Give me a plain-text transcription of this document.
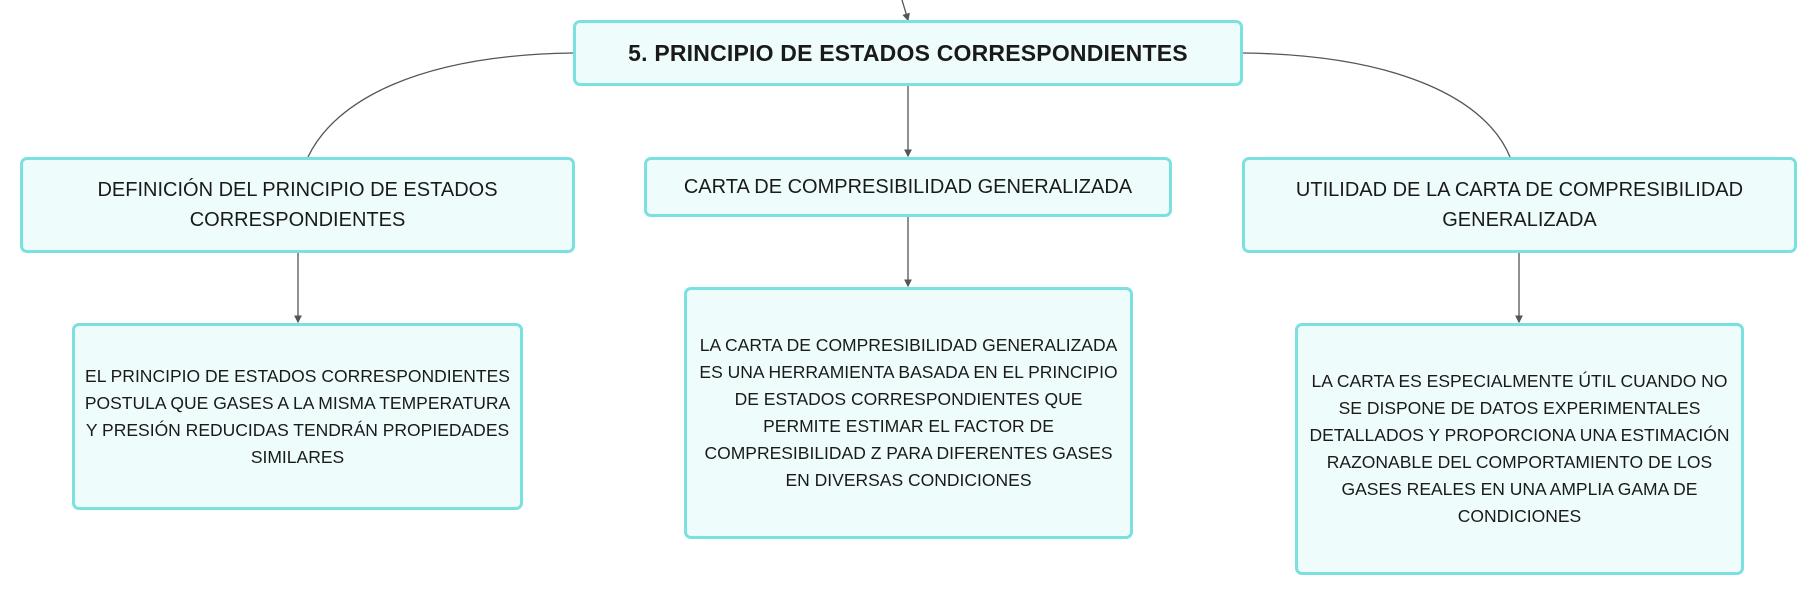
5. PRINCIPIO DE ESTADOS CORRESPONDIENTES
DEFINICIÓN DEL PRINCIPIO DE ESTADOS CORRESPONDIENTES
CARTA DE COMPRESIBILIDAD GENERALIZADA	UTILIDAD DE LA CARTA DE COMPRESIBILIDAD GENERALIZADA
EL PRINCIPIO DE ESTADOS CORRESPONDIENTES POSTULA QUE GASES A LA MISMA TEMPERATURA Y PRESIÓN REDUCIDAS TENDRÁN PROPIEDADES SIMILARES
LA CARTA DE COMPRESIBILIDAD GENERALIZADA ES UNA HERRAMIENTA BASADA EN EL PRINCIPIO DE ESTADOS CORRESPONDIENTES QUE PERMITE ESTIMAR EL FACTOR DE COMPRESIBILIDAD Z PARA DIFERENTES GASES EN DIVERSAS CONDICIONES
LA CARTA ES ESPECIALMENTE ÚTIL CUANDO NO SE DISPONE DE DATOS EXPERIMENTALES DETALLADOS Y PROPORCIONA UNA ESTIMACIÓN RAZONABLE DEL COMPORTAMIENTO DE LOS GASES REALES EN UNA AMPLIA GAMA DE CONDICIONES
